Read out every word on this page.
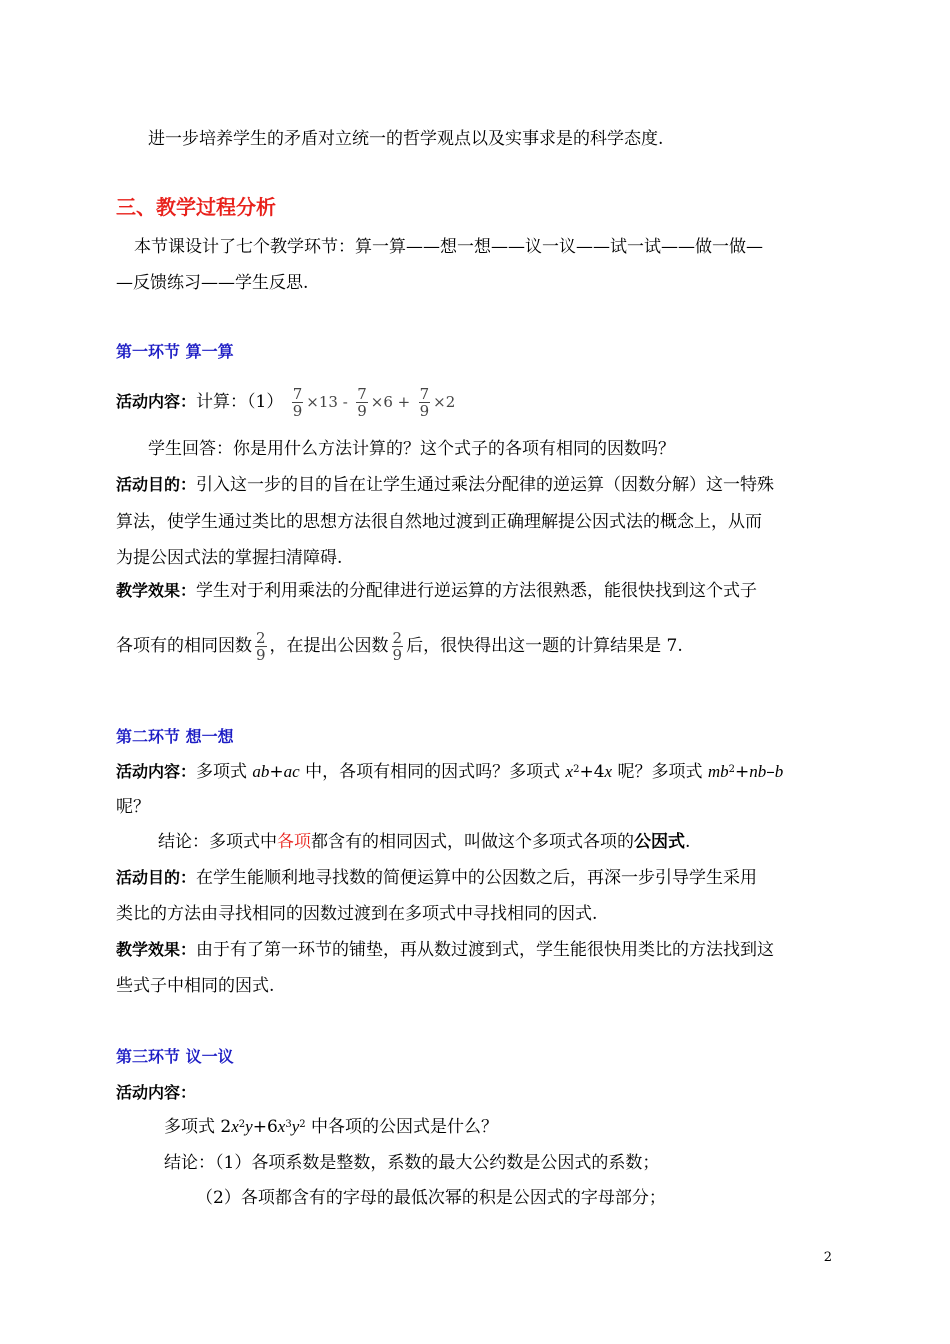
进一步培养学生的矛盾对立统一的哲学观点以及实事求是的科学态度.
三、教学过程分析
本节课设计了七个教学环节：算一算——想一想——议一议——试一试——做一做—
—反馈练习——学生反思.
第一环节 算一算
活动内容：计算：$(1) \frac{7}{9} \times 13 - \frac{7}{9} \times 6 + \frac{7}{9} \times 2$
学生回答：你是用什么方法计算的？这个式子的各项有相同的因数吗？
活动目的：引入这一步的目的旨在让学生通过乘法分配律的逆运算（因数分解）这一特殊
算法，使学生通过类比的思想方法很自然地过渡到正确理解提公因式法的概念上，从而
为提公因式法的掌握扫清障碍.
教学效果：学生对于利用乘法的分配律进行逆运算的方法很熟悉，能很快找到这个式子
各项有的相同因数 $\frac{2}{9}$ ，在提出公因数 $\frac{2}{9}$ 后，很快得出这一题的计算结果是 7.
第二环节 想一想
活动内容：多项式 ab+ac 中，各项有相同的因式吗？多项式 $x^2+4x$ 呢？多项式 $mb^2+nb-b$
呢？
结论：多项式中各项都含有的相同因式，叫做这个多项式各项的公因式.
活动目的：在学生能顺利地寻找数的简便运算中的公因数之后，再深一步引导学生采用
类比的方法由寻找相同的因数过渡到在多项式中寻找相同的因式.
教学效果：由于有了第一环节的铺垫，再从数过渡到式，学生能很快用类比的方法找到这
些式子中相同的因式.
第三环节 议一议
活动内容：
多项式 $2x^2y+6x^3y^2$ 中各项的公因式是什么？
结论：（1）各项系数是整数，系数的最大公约数是公因式的系数；
（2）各项都含有的字母的最低次幂的积是公因式的字母部分；
2
